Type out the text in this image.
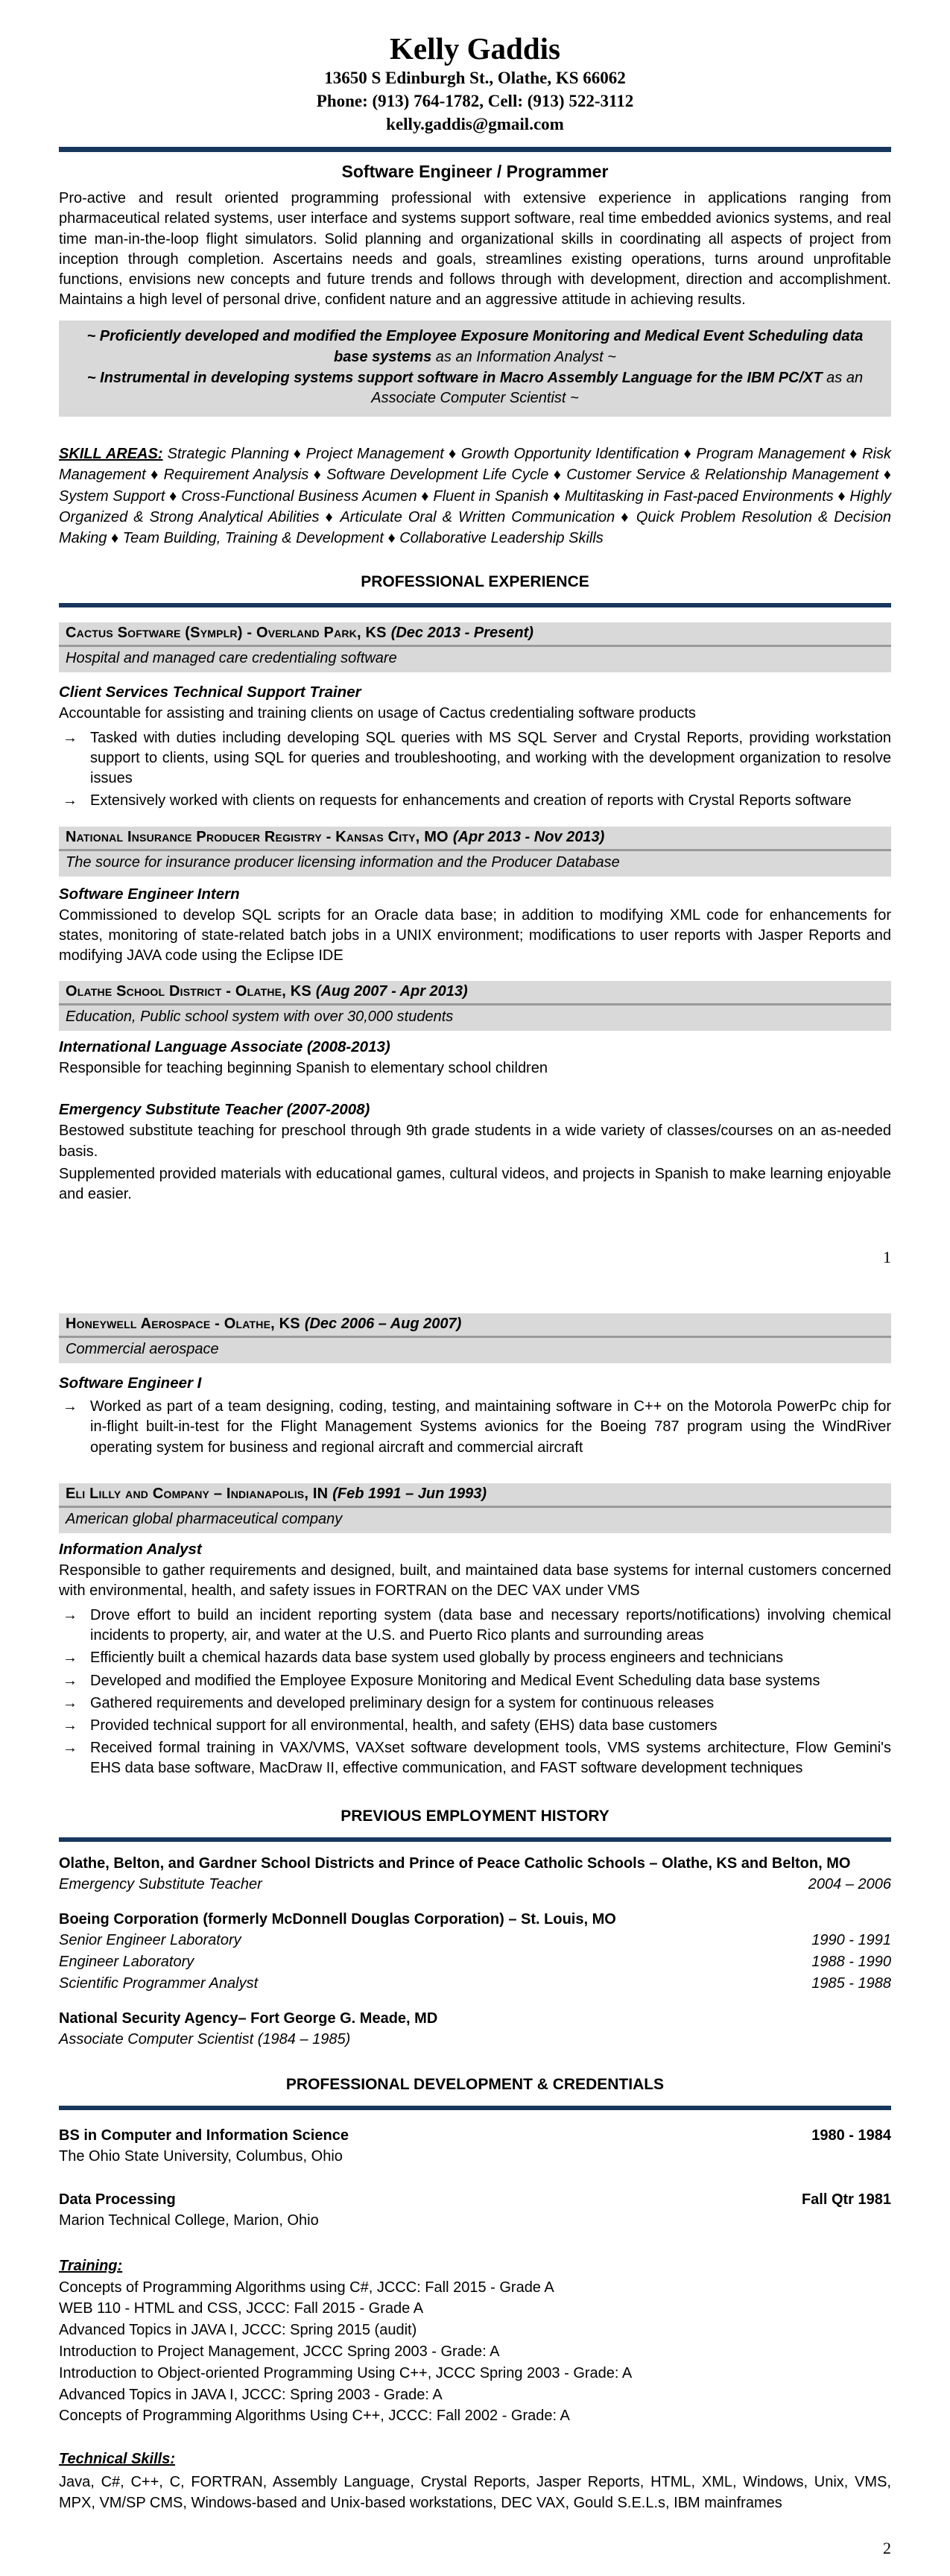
Kelly Gaddis
13650 S Edinburgh St., Olathe, KS 66062
Phone: (913) 764-1782, Cell: (913) 522-3112
kelly.gaddis@gmail.com
Software Engineer / Programmer
Pro-active and result oriented programming professional with extensive experience in applications ranging from pharmaceutical related systems, user interface and systems support software, real time embedded avionics systems, and real time man-in-the-loop flight simulators. Solid planning and organizational skills in coordinating all aspects of project from inception through completion. Ascertains needs and goals, streamlines existing operations, turns around unprofitable functions, envisions new concepts and future trends and follows through with development, direction and accomplishment. Maintains a high level of personal drive, confident nature and an aggressive attitude in achieving results.
~ Proficiently developed and modified the Employee Exposure Monitoring and Medical Event Scheduling data base systems as an Information Analyst ~
~ Instrumental in developing systems support software in Macro Assembly Language for the IBM PC/XT as an Associate Computer Scientist ~
SKILL AREAS: Strategic Planning ♦ Project Management ♦ Growth Opportunity Identification ♦ Program Management ♦ Risk Management ♦ Requirement Analysis ♦ Software Development Life Cycle ♦ Customer Service & Relationship Management ♦ System Support ♦ Cross-Functional Business Acumen ♦ Fluent in Spanish ♦ Multitasking in Fast-paced Environments ♦ Highly Organized & Strong Analytical Abilities ♦ Articulate Oral & Written Communication ♦ Quick Problem Resolution & Decision Making ♦ Team Building, Training & Development ♦ Collaborative Leadership Skills
PROFESSIONAL EXPERIENCE
Cactus Software (Symplr) - Overland Park, KS (Dec 2013 - Present)
Hospital and managed care credentialing software
Client Services Technical Support Trainer
Accountable for assisting and training clients on usage of Cactus credentialing software products
→ Tasked with duties including developing SQL queries with MS SQL Server and Crystal Reports, providing workstation support to clients, using SQL for queries and troubleshooting, and working with the development organization to resolve issues
→ Extensively worked with clients on requests for enhancements and creation of reports with Crystal Reports software
National Insurance Producer Registry - Kansas City, MO (Apr 2013 - Nov 2013)
The source for insurance producer licensing information and the Producer Database
Software Engineer Intern
Commissioned to develop SQL scripts for an Oracle data base; in addition to modifying XML code for enhancements for states, monitoring of state-related batch jobs in a UNIX environment; modifications to user reports with Jasper Reports and modifying JAVA code using the Eclipse IDE
Olathe School District - Olathe, KS (Aug 2007 - Apr 2013)
Education, Public school system with over 30,000 students
International Language Associate (2008-2013)
Responsible for teaching beginning Spanish to elementary school children
Emergency Substitute Teacher (2007-2008)
Bestowed substitute teaching for preschool through 9th grade students in a wide variety of classes/courses on an as-needed basis.
Supplemented provided materials with educational games, cultural videos, and projects in Spanish to make learning enjoyable and easier.
1
Honeywell Aerospace - Olathe, KS (Dec 2006 – Aug 2007)
Commercial aerospace
Software Engineer I
→ Worked as part of a team designing, coding, testing, and maintaining software in C++ on the Motorola PowerPc chip for in-flight built-in-test for the Flight Management Systems avionics for the Boeing 787 program using the WindRiver operating system for business and regional aircraft and commercial aircraft
Eli Lilly and Company – Indianapolis, IN (Feb 1991 – Jun 1993)
American global pharmaceutical company
Information Analyst
Responsible to gather requirements and designed, built, and maintained data base systems for internal customers concerned with environmental, health, and safety issues in FORTRAN on the DEC VAX under VMS
→ Drove effort to build an incident reporting system (data base and necessary reports/notifications) involving chemical incidents to property, air, and water at the U.S. and Puerto Rico plants and surrounding areas
→ Efficiently built a chemical hazards data base system used globally by process engineers and technicians
→ Developed and modified the Employee Exposure Monitoring and Medical Event Scheduling data base systems
→ Gathered requirements and developed preliminary design for a system for continuous releases
→ Provided technical support for all environmental, health, and safety (EHS) data base customers
→ Received formal training in VAX/VMS, VAXset software development tools, VMS systems architecture, Flow Gemini's EHS data base software, MacDraw II, effective communication, and FAST software development techniques
PREVIOUS EMPLOYMENT HISTORY
Olathe, Belton, and Gardner School Districts and Prince of Peace Catholic Schools – Olathe, KS and Belton, MO
Emergency Substitute Teacher	2004 – 2006
Boeing Corporation (formerly McDonnell Douglas Corporation) – St. Louis, MO
Senior Engineer Laboratory	1990 - 1991
Engineer Laboratory	1988 - 1990
Scientific Programmer Analyst	1985 - 1988
National Security Agency– Fort George G. Meade, MD
Associate Computer Scientist (1984 – 1985)
PROFESSIONAL DEVELOPMENT & CREDENTIALS
BS in Computer and Information Science	1980 - 1984
The Ohio State University, Columbus, Ohio
Data Processing	Fall Qtr 1981
Marion Technical College, Marion, Ohio
Training:
Concepts of Programming Algorithms using C#, JCCC: Fall 2015 - Grade A
WEB 110 - HTML and CSS, JCCC: Fall 2015 - Grade A
Advanced Topics in JAVA I, JCCC: Spring 2015 (audit)
Introduction to Project Management, JCCC Spring 2003 - Grade: A
Introduction to Object-oriented Programming Using C++, JCCC Spring 2003 - Grade: A
Advanced Topics in JAVA I, JCCC: Spring 2003 - Grade: A
Concepts of Programming Algorithms Using C++, JCCC: Fall 2002 - Grade: A
Technical Skills:
Java, C#, C++, C, FORTRAN, Assembly Language, Crystal Reports, Jasper Reports, HTML, XML, Windows, Unix, VMS, MPX, VM/SP CMS, Windows-based and Unix-based workstations, DEC VAX, Gould S.E.L.s, IBM mainframes
2
